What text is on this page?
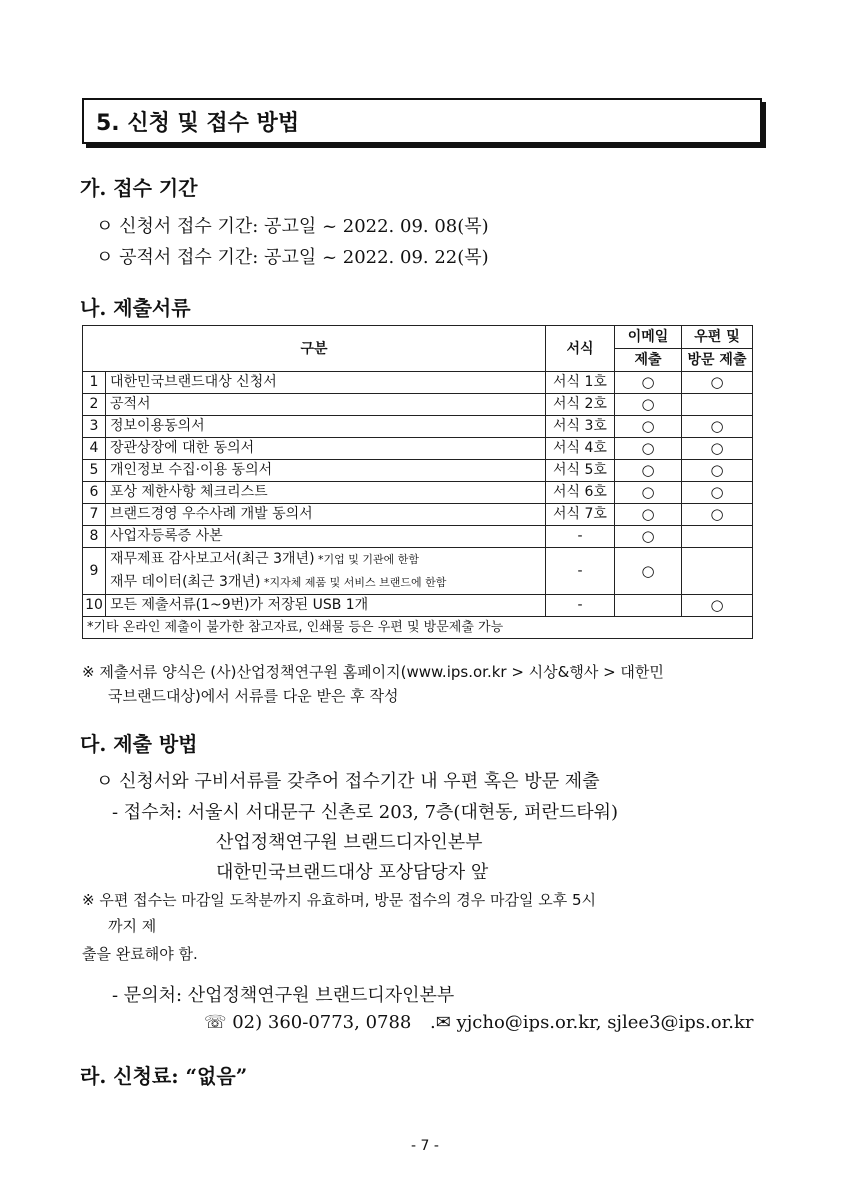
5. 신청 및 접수 방법
가. 접수 기간
ㅇ 신청서 접수 기간: 공고일 ~ 2022. 09. 08(목)
ㅇ 공적서 접수 기간: 공고일 ~ 2022. 09. 22(목)
나. 제출서류
구분		서식	이메일	우편 및
			제출	방문 제출
1	대한민국브랜드대상 신청서	서식 1호	○	○
2	공적서	서식 2호	○	
3	정보이용동의서	서식 3호	○	○
4	장관상장에 대한 동의서	서식 4호	○	○
5	개인정보 수집·이용 동의서	서식 5호	○	○
6	포상 제한사항 체크리스트	서식 6호	○	○
7	브랜드경영 우수사례 개발 동의서	서식 7호	○	○
8	사업자등록증 사본	-	○	
9	재무제표 감사보고서(최근 3개년) *기업 및 기관에 한함
재무 데이터(최근 3개년) *지자체 제품 및 서비스 브랜드에 한함	-	○	
10	모든 제출서류(1~9번)가 저장된 USB 1개	-		○
*기타 온라인 제출이 불가한 참고자료, 인쇄물 등은 우편 및 방문제출 가능				
※ 제출서류 양식은 (사)산업정책연구원 홈페이지(www.ips.or.kr > 시상&행사 > 대한민
국브랜드대상)에서 서류를 다운 받은 후 작성
다. 제출 방법
ㅇ 신청서와 구비서류를 갖추어 접수기간 내 우편 혹은 방문 제출
- 접수처: 서울시 서대문구 신촌로 203, 7층(대현동, 퍼란드타워)
산업정책연구원 브랜드디자인본부
대한민국브랜드대상 포상담당자 앞
※ 우편 접수는 마감일 도착분까지 유효하며, 방문 접수의 경우 마감일 오후 5시
까지 제
출을 완료해야 함.
- 문의처: 산업정책연구원 브랜드디자인본부
☏ 02) 360-0773, 0788 .✉ yjcho@ips.or.kr, sjlee3@ips.or.kr
라. 신청료: “없음”
- 7 -
